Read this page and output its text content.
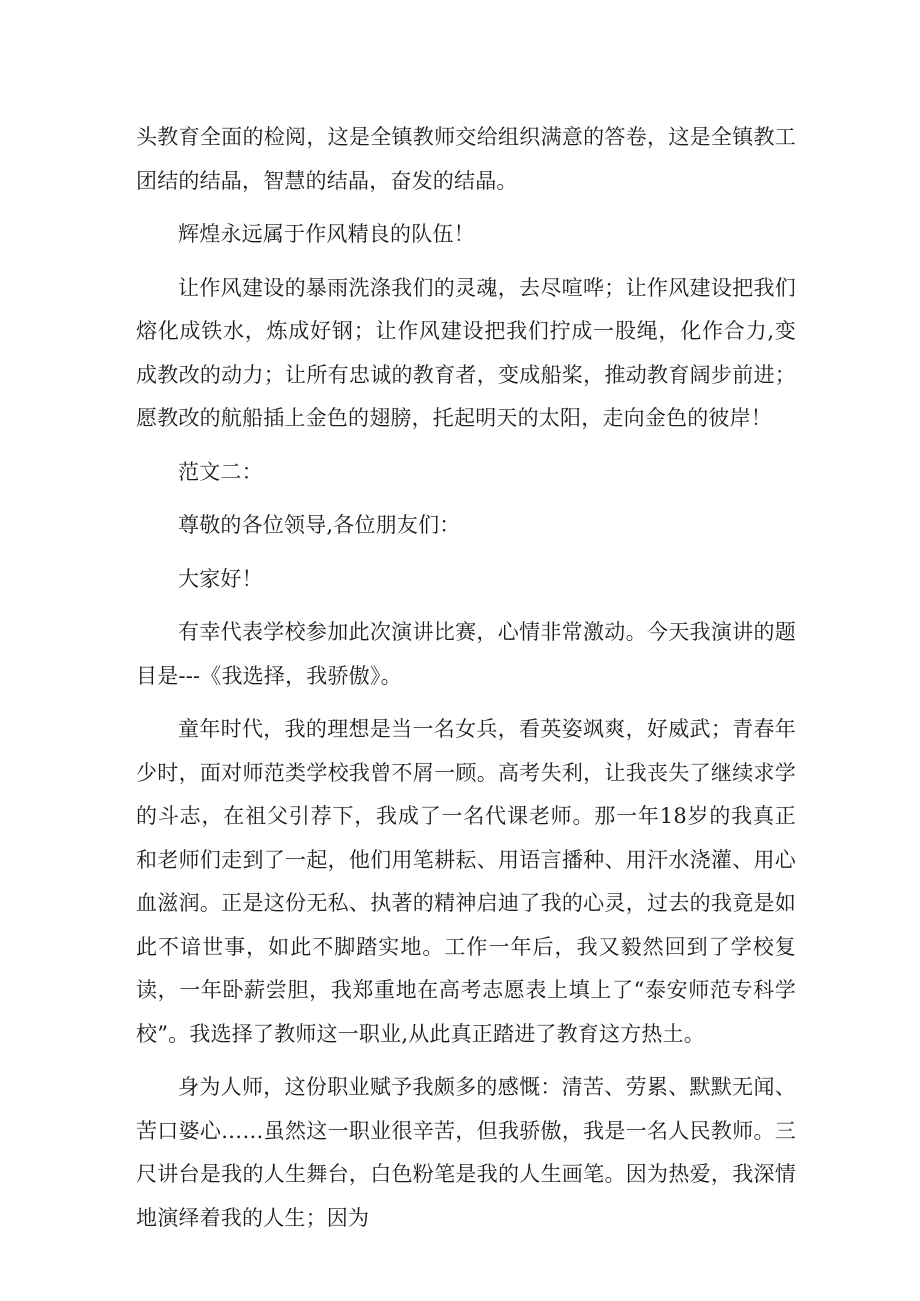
头教育全面的检阅，这是全镇教师交给组织满意的答卷，这是全镇教工团结的结晶，智慧的结晶，奋发的结晶。

辉煌永远属于作风精良的队伍！

让作风建设的暴雨洗涤我们的灵魂，去尽喧哗；让作风建设把我们熔化成铁水，炼成好钢；让作风建设把我们拧成一股绳，化作合力,变成教改的动力；让所有忠诚的教育者，变成船桨，推动教育阔步前进；愿教改的航船插上金色的翅膀，托起明天的太阳，走向金色的彼岸！

范文二：

尊敬的各位领导,各位朋友们：

大家好！

有幸代表学校参加此次演讲比赛，心情非常激动。今天我演讲的题目是---《我选择，我骄傲》。

童年时代，我的理想是当一名女兵，看英姿飒爽，好威武；青春年少时，面对师范类学校我曾不屑一顾。高考失利，让我丧失了继续求学的斗志，在祖父引荐下，我成了一名代课老师。那一年18岁的我真正和老师们走到了一起，他们用笔耕耘、用语言播种、用汗水浇灌、用心血滋润。正是这份无私、执著的精神启迪了我的心灵，过去的我竟是如此不谙世事，如此不脚踏实地。工作一年后，我又毅然回到了学校复读，一年卧薪尝胆，我郑重地在高考志愿表上填上了“泰安师范专科学校”。我选择了教师这一职业,从此真正踏进了教育这方热土。

身为人师，这份职业赋予我颇多的感慨：清苦、劳累、默默无闻、苦口婆心……虽然这一职业很辛苦，但我骄傲，我是一名人民教师。三尺讲台是我的人生舞台，白色粉笔是我的人生画笔。因为热爱，我深情地演绎着我的人生；因为
